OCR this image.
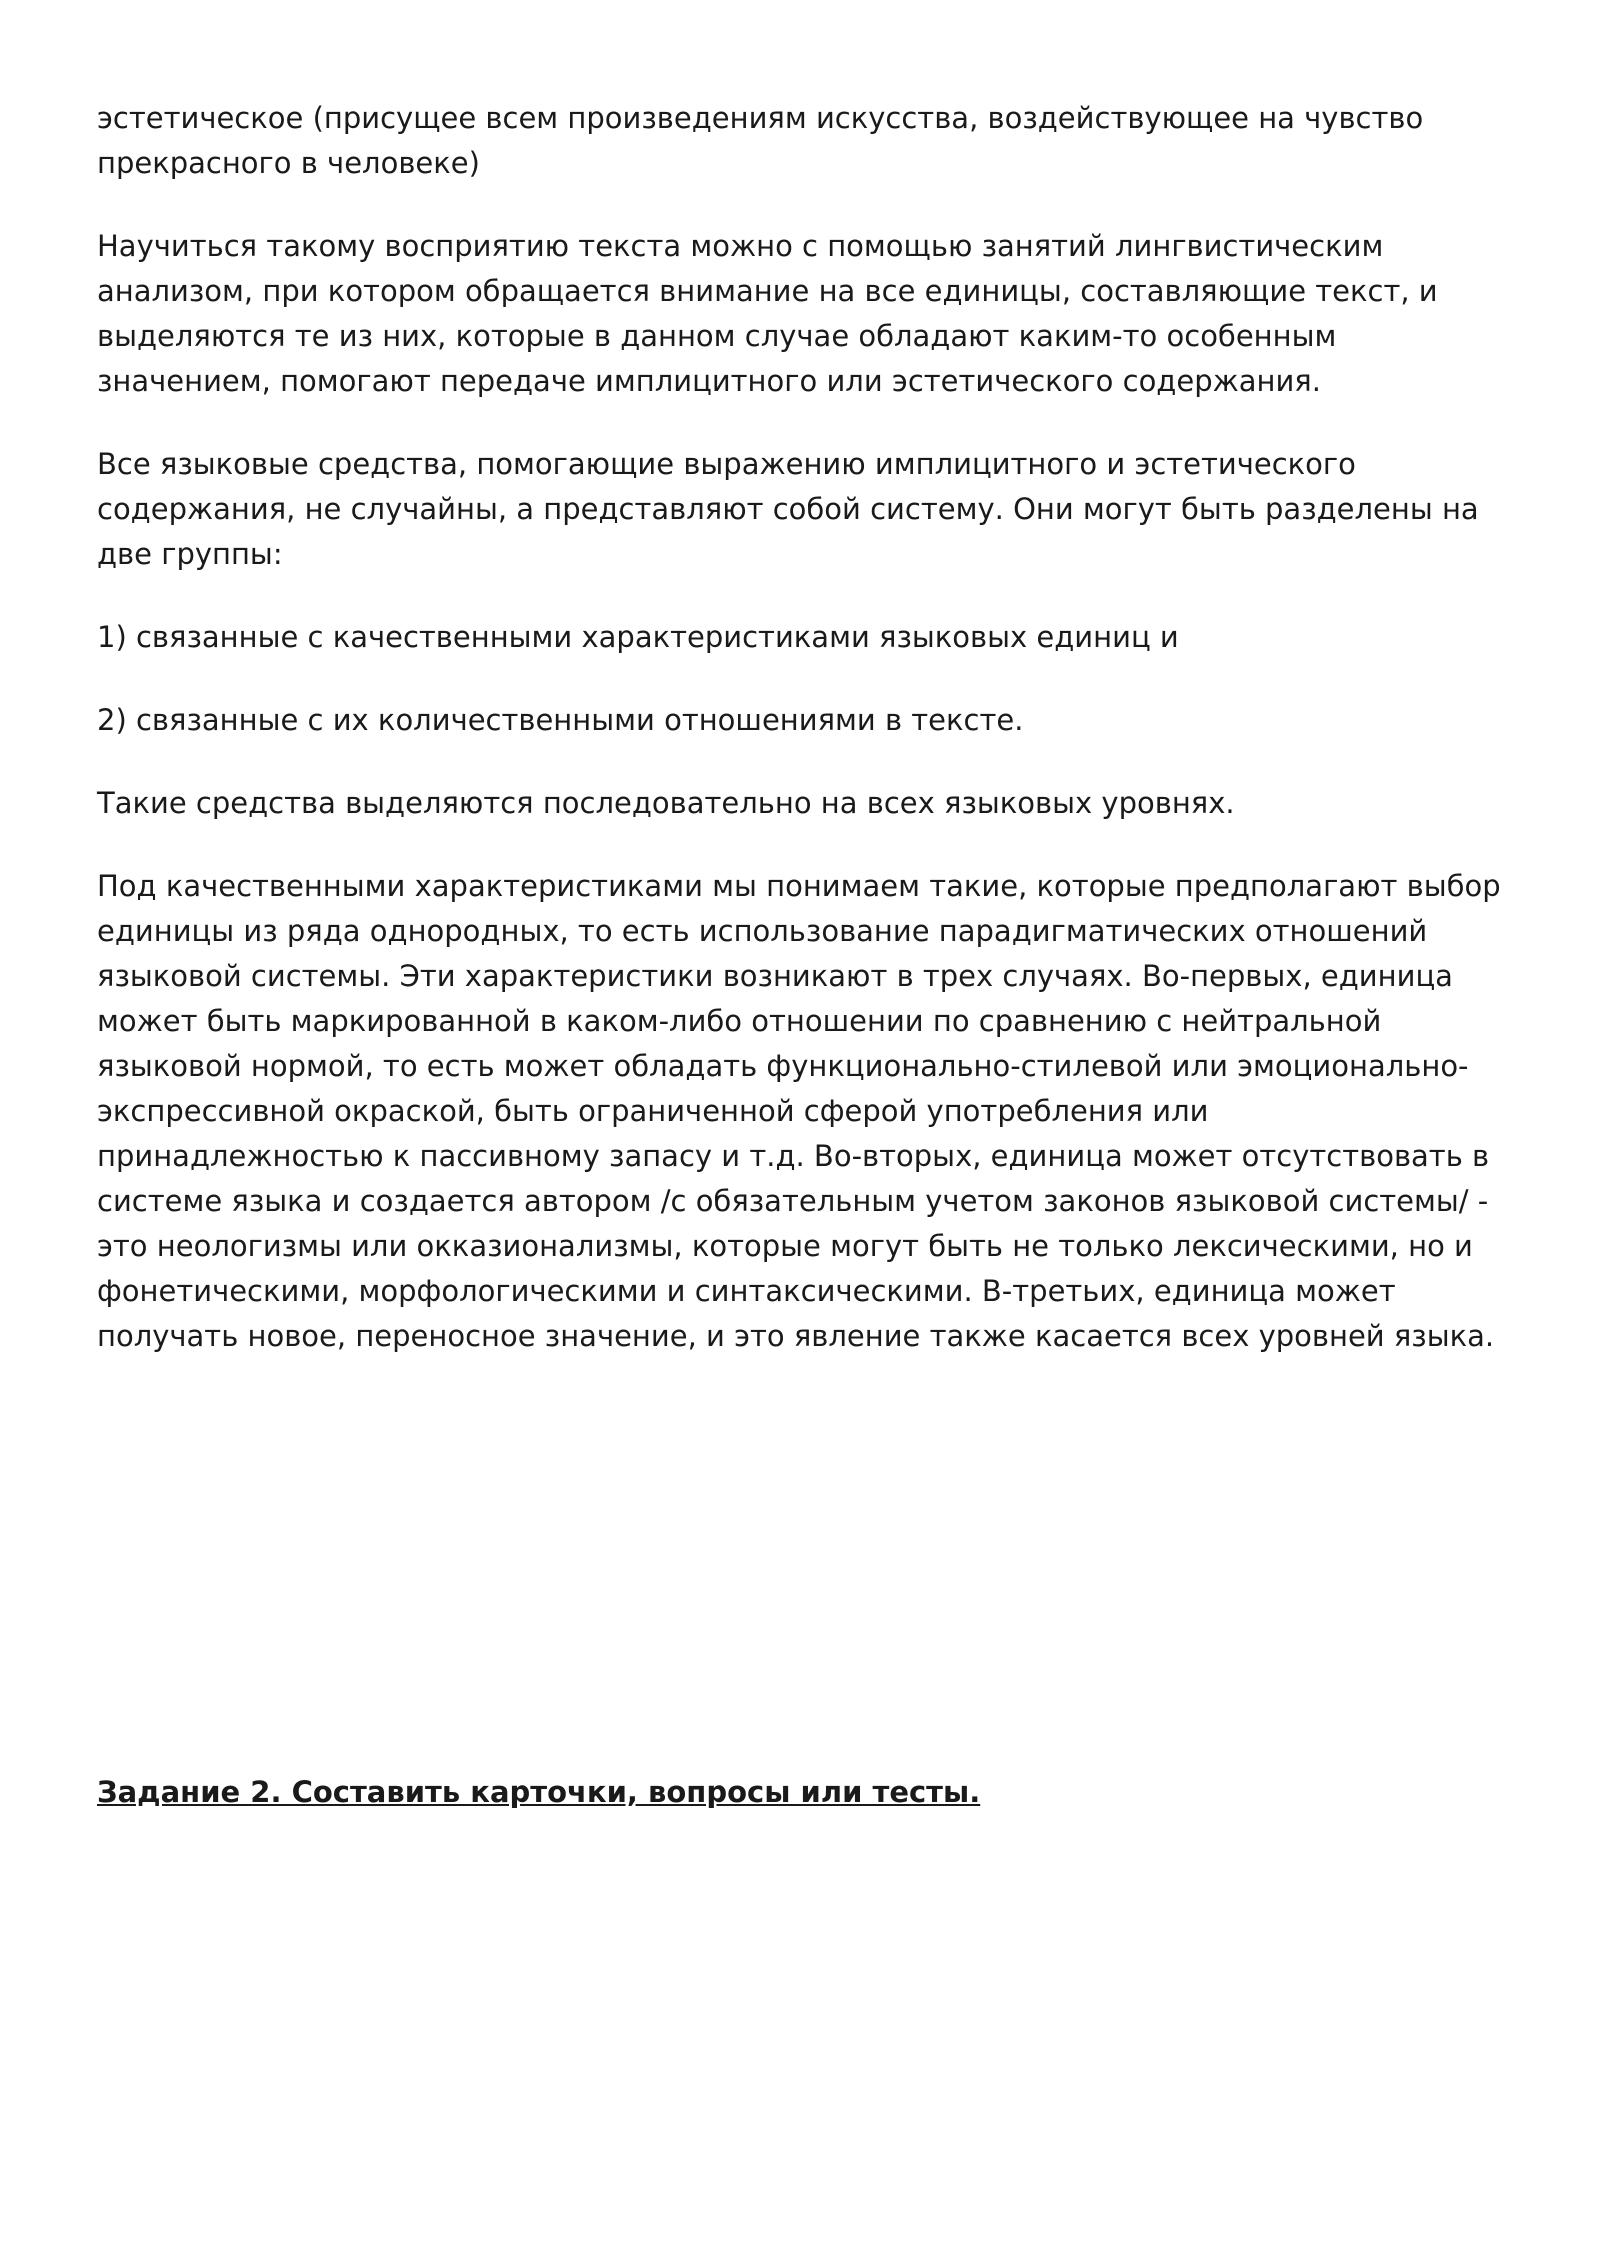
эстетическое (присущее всем произведениям искусства, воздействующее на чувство прекрасного в человеке)

Научиться такому восприятию текста можно с помощью занятий лингвистическим анализом, при котором обращается внимание на все единицы, составляющие текст, и выделяются те из них, которые в данном случае обладают каким-то особенным значением, помогают передаче имплицитного или эстетического содержания.

Все языковые средства, помогающие выражению имплицитного и эстетического содержания, не случайны, а представляют собой систему. Они могут быть разделены на две группы:

1) связанные с качественными характеристиками языковых единиц и

2) связанные с их количественными отношениями в тексте.

Такие средства выделяются последовательно на всех языковых уровнях.

Под качественными характеристиками мы понимаем такие, которые предполагают выбор единицы из ряда однородных, то есть использование парадигматических отношений языковой системы. Эти характеристики возникают в трех случаях. Во-первых, единица может быть маркированной в каком-либо отношении по сравнению с нейтральной языковой нормой, то есть может обладать функционально-стилевой или эмоционально-экспрессивной окраской, быть ограниченной сферой употребления или принадлежностью к пассивному запасу и т.д. Во-вторых, единица может отсутствовать в системе языка и создается автором /с обязательным учетом законов языковой системы/ - это неологизмы или окказионализмы, которые могут быть не только лексическими, но и фонетическими, морфологическими и синтаксическими. В-третьих, единица может получать новое, переносное значение, и это явление также касается всех уровней языка.

Задание 2. Составить карточки, вопросы или тесты.
